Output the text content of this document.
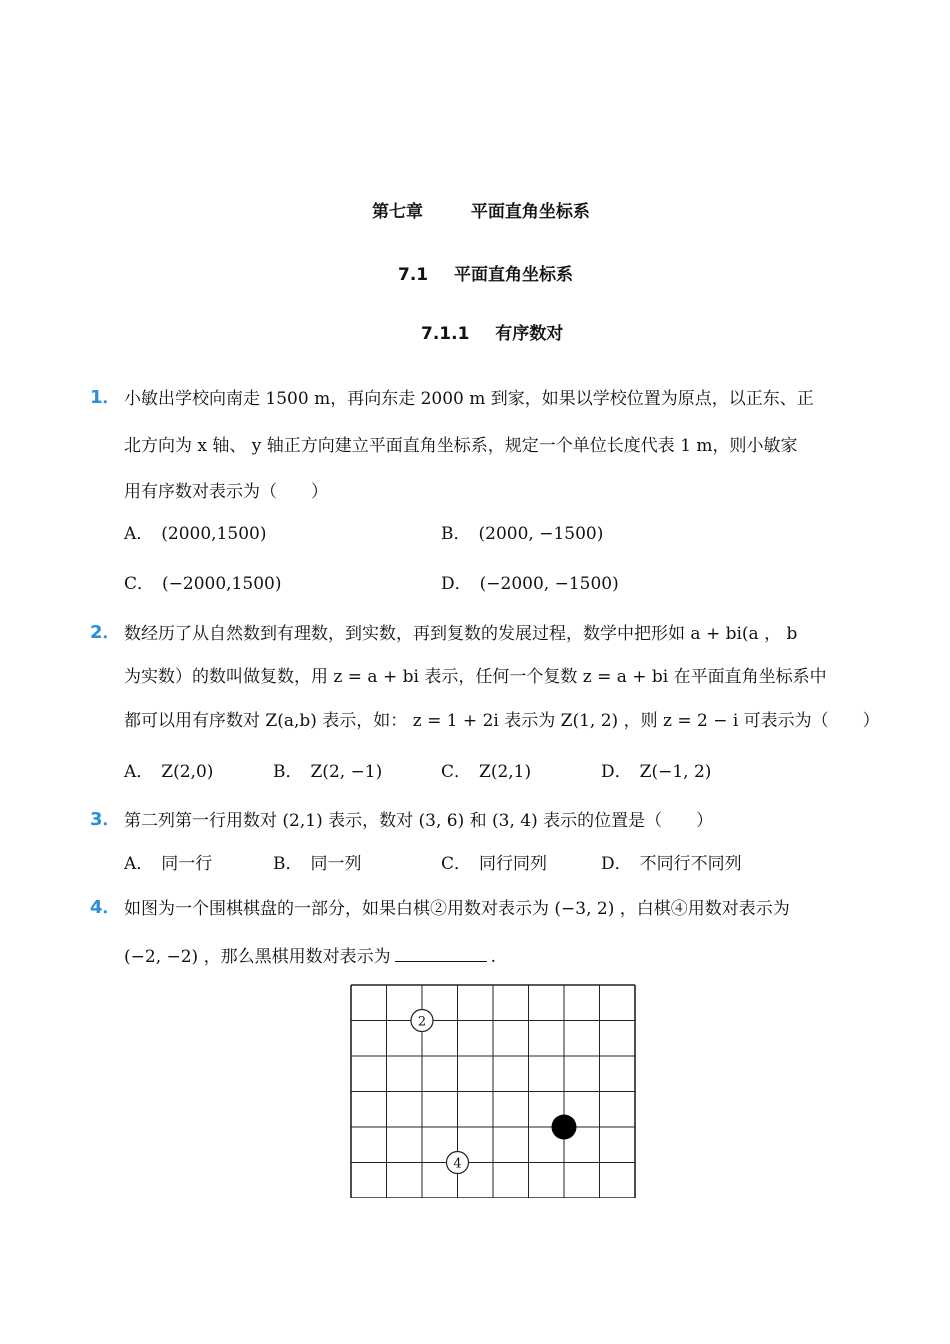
第七章	平面直角坐标系
7.1 平面直角坐标系
7.1.1 有序数对
1． 小敏出学校向南走 1500 m，再向东走 2000 m 到家，如果以学校位置为原点，以正东、正
北方向为 x 轴、 y 轴正方向建立平面直角坐标系，规定一个单位长度代表 1 m，则小敏家
用有序数对表示为（　　）
A． (2000,1500)	B． (2000, −1500)
C． (−2000,1500)	D． (−2000, −1500)
2． 数经历了从自然数到有理数，到实数，再到复数的发展过程，数学中把形如 a + bi(a ， b
为实数）的数叫做复数，用 z = a + bi 表示，任何一个复数 z = a + bi 在平面直角坐标系中
都可以用有序数对 Z(a,b) 表示，如： z = 1 + 2i 表示为 Z(1, 2) ，则 z = 2 − i 可表示为（　　）
A． Z(2,0)	B． Z(2, −1)	C． Z(2,1)	D． Z(−1, 2)
3． 第二列第一行用数对 (2,1) 表示，数对 (3, 6) 和 (3, 4) 表示的位置是（　　）
A． 同一行	B． 同一列	C． 同行同列	D． 不同行不同列
4． 如图为一个围棋棋盘的一部分，如果白棋②用数对表示为 (−3, 2) ，白棋④用数对表示为
(−2, −2) ，那么黑棋用数对表示为	.
2
4
